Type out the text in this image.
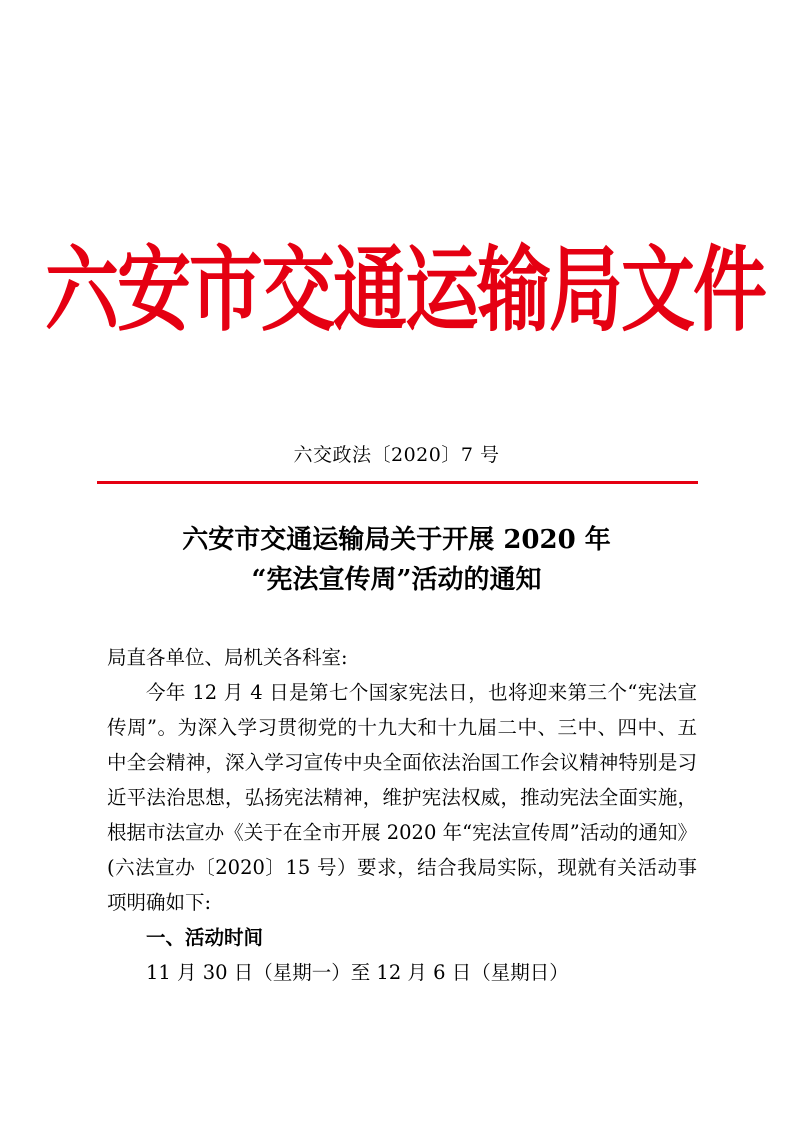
六安市交通运输局文件
六交政法〔2020〕7 号
六安市交通运输局关于开展 2020 年
“宪法宣传周”活动的通知

局直各单位、局机关各科室:

今年 12 月 4 日是第七个国家宪法日，也将迎来第三个“宪法宣传周”。为深入学习贯彻党的十九大和十九届二中、三中、四中、五中全会精神，深入学习宣传中央全面依法治国工作会议精神特别是习近平法治思想，弘扬宪法精神，维护宪法权威，推动宪法全面实施，根据市法宣办《关于在全市开展 2020 年“宪法宣传周”活动的通知》(六法宣办〔2020〕15 号）要求，结合我局实际，现就有关活动事项明确如下:

一、活动时间

11 月 30 日（星期一）至 12 月 6 日（星期日）
